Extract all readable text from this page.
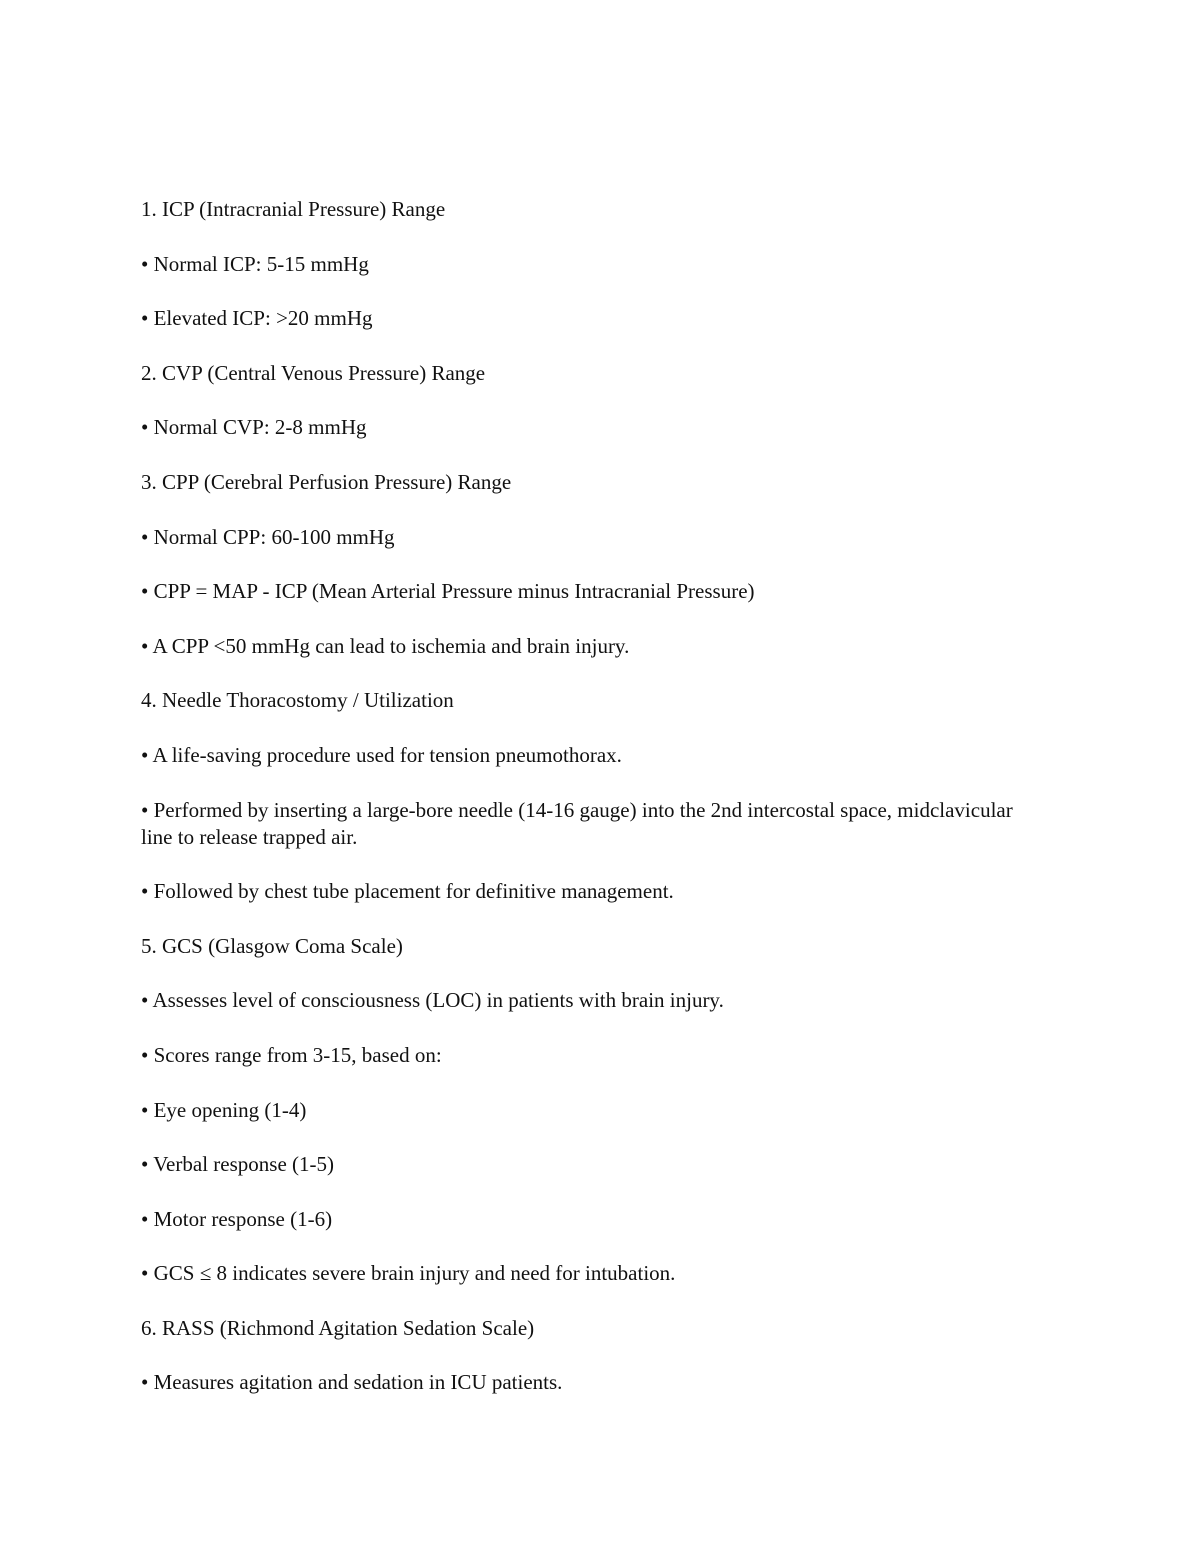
1. ICP (Intracranial Pressure) Range

• Normal ICP: 5-15 mmHg

• Elevated ICP: >20 mmHg

2. CVP (Central Venous Pressure) Range

• Normal CVP: 2-8 mmHg

3. CPP (Cerebral Perfusion Pressure) Range

• Normal CPP: 60-100 mmHg

• CPP = MAP - ICP (Mean Arterial Pressure minus Intracranial Pressure)

• A CPP <50 mmHg can lead to ischemia and brain injury.

4. Needle Thoracostomy / Utilization

• A life-saving procedure used for tension pneumothorax.

• Performed by inserting a large-bore needle (14-16 gauge) into the 2nd intercostal space, midclavicular line to release trapped air.

• Followed by chest tube placement for definitive management.

5. GCS (Glasgow Coma Scale)

• Assesses level of consciousness (LOC) in patients with brain injury.

• Scores range from 3-15, based on:

• Eye opening (1-4)

• Verbal response (1-5)

• Motor response (1-6)

• GCS ≤ 8 indicates severe brain injury and need for intubation.

6. RASS (Richmond Agitation Sedation Scale)

• Measures agitation and sedation in ICU patients.
